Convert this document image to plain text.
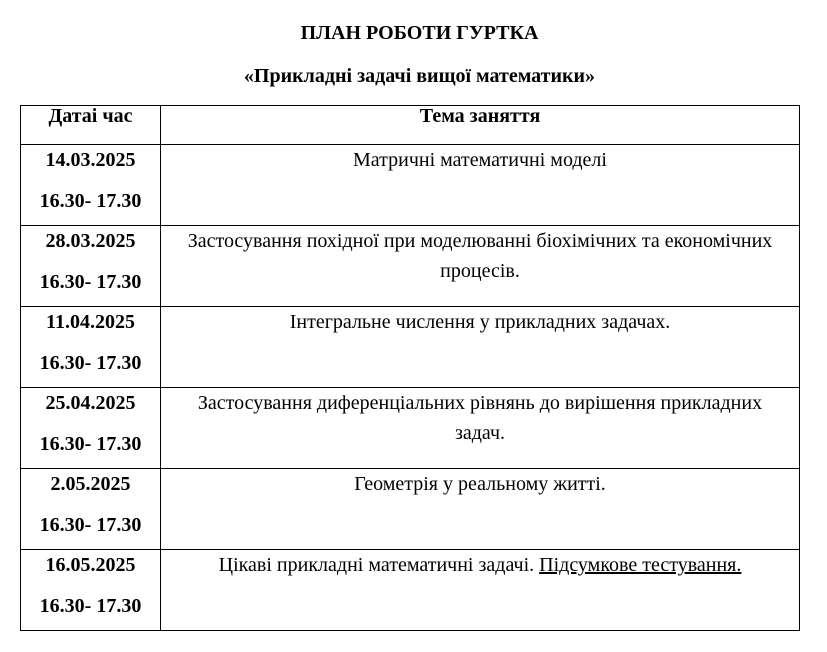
ПЛАН РОБОТИ ГУРТКА
«Прикладні задачі вищої математики»
Датаі час	Тема заняття

14.03.2025
16.30- 17.30	Матричні математичні моделі

28.03.2025
16.30- 17.30	Застосування похідної при моделюванні біохімічних та економічних процесів.

11.04.2025
16.30- 17.30	Інтегральне числення у прикладних задачах.

25.04.2025
16.30- 17.30	Застосування диференціальних рівнянь до вирішення прикладних задач.

2.05.2025
16.30- 17.30	Геометрія у реальному житті.

16.05.2025
16.30- 17.30	Цікаві прикладні математичні задачі. Підсумкове тестування.
